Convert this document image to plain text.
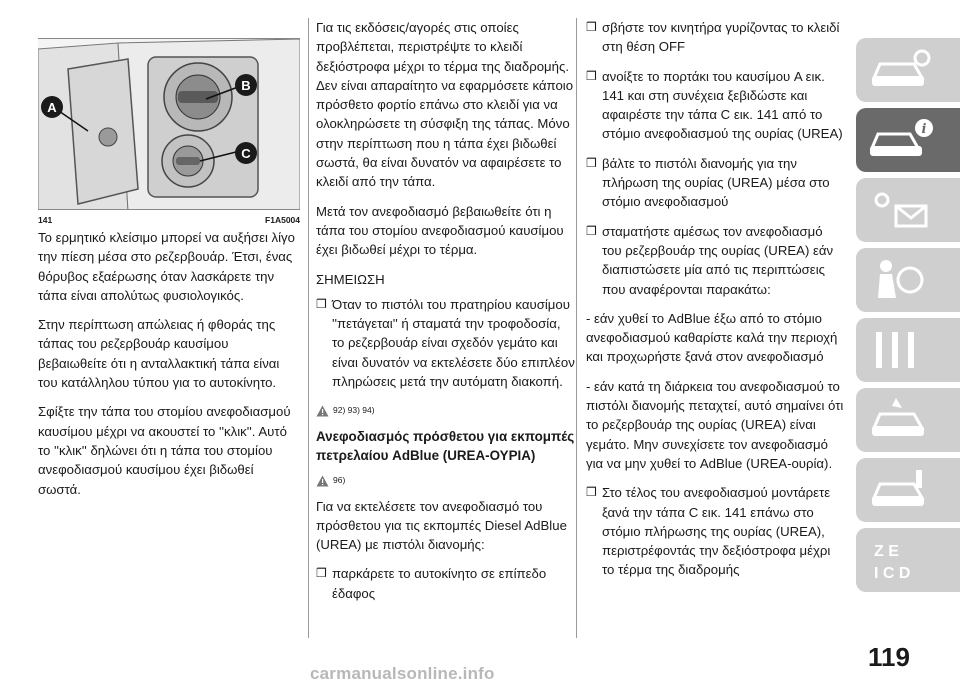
A
B
C
141	F1A5004

Το ερμητικό κλείσιμο μπορεί να αυξήσει λίγο την πίεση μέσα στο ρεζερβουάρ. Έτσι, ένας θόρυβος εξαέρωσης όταν λασκάρετε την τάπα είναι απολύτως φυσιολογικός.

Στην περίπτωση απώλειας ή φθοράς της τάπας του ρεζερβουάρ καυσίμου βεβαιωθείτε ότι η ανταλλακτική τάπα είναι του κατάλληλου τύπου για το αυτοκίνητο.

Σφίξτε την τάπα του στομίου ανεφοδιασμού καυσίμου μέχρι να ακουστεί το ''κλικ''. Αυτό το ''κλικ'' δηλώνει ότι η τάπα του στομίου ανεφοδιασμού καυσίμου έχει βιδωθεί σωστά.

Για τις εκδόσεις/αγορές στις οποίες προβλέπεται, περιστρέψτε το κλειδί δεξιόστροφα μέχρι το τέρμα της διαδρομής. Δεν είναι απαραίτητο να εφαρμόσετε κάποιο πρόσθετο φορτίο επάνω στο κλειδί για να ολοκληρώσετε τη σύσφιξη της τάπας. Μόνο στην περίπτωση που η τάπα έχει βιδωθεί σωστά, θα είναι δυνατόν να αφαιρέσετε το κλειδί από την τάπα.

Μετά τον ανεφοδιασμό βεβαιωθείτε ότι η τάπα του στομίου ανεφοδιασμού καυσίμου έχει βιδωθεί μέχρι το τέρμα.

ΣΗΜΕΙΩΣΗ

❒ Όταν το πιστόλι του πρατηρίου καυσίμου ''πετάγεται'' ή σταματά την τροφοδοσία, το ρεζερβουάρ είναι σχεδόν γεμάτο και είναι δυνατόν να εκτελέσετε δύο επιπλέον πληρώσεις μετά την αυτόματη διακοπή.
92) 93) 94)

Ανεφοδιασμός πρόσθετου για εκπομπές πετρελαίου AdBlue (UREA-ΟΥΡΙΑ)

96)

Για να εκτελέσετε τον ανεφοδιασμό του πρόσθετου για τις εκπομπές Diesel AdBlue (UREA) με πιστόλι διανομής:

❒ παρκάρετε το αυτοκίνητο σε επίπεδο έδαφος
❒ σβήστε τον κινητήρα γυρίζοντας το κλειδί στη θέση OFF
❒ ανοίξτε το πορτάκι του καυσίμου A εικ. 141 και στη συνέχεια ξεβιδώστε και αφαιρέστε την τάπα C εικ. 141 από το στόμιο ανεφοδιασμού της ουρίας (UREA)
❒ βάλτε το πιστόλι διανομής για την πλήρωση της ουρίας (UREA) μέσα στο στόμιο ανεφοδιασμού
❒ σταματήστε αμέσως τον ανεφοδιασμό του ρεζερβουάρ της ουρίας (UREA) εάν διαπιστώσετε μία από τις περιπτώσεις που αναφέρονται παρακάτω:

- εάν χυθεί το AdBlue έξω από το στόμιο ανεφοδιασμού καθαρίστε καλά την περιοχή και προχωρήστε ξανά στον ανεφοδιασμό

- εάν κατά τη διάρκεια του ανεφοδιασμού το πιστόλι διανομής πεταχτεί, αυτό σημαίνει ότι το ρεζερβουάρ της ουρίας (UREA) είναι γεμάτο. Μην συνεχίσετε τον ανεφοδιασμό για να μην χυθεί το AdBlue (UREA-ουρία).

❒ Στο τέλος του ανεφοδιασμού μοντάρετε ξανά την τάπα C εικ. 141 επάνω στο στόμιο πλήρωσης της ουρίας (UREA), περιστρέφοντάς την δεξιόστροφα μέχρι το τέρμα της διαδρομής
i
Z E
I C D
119
carmanualsonline.info
